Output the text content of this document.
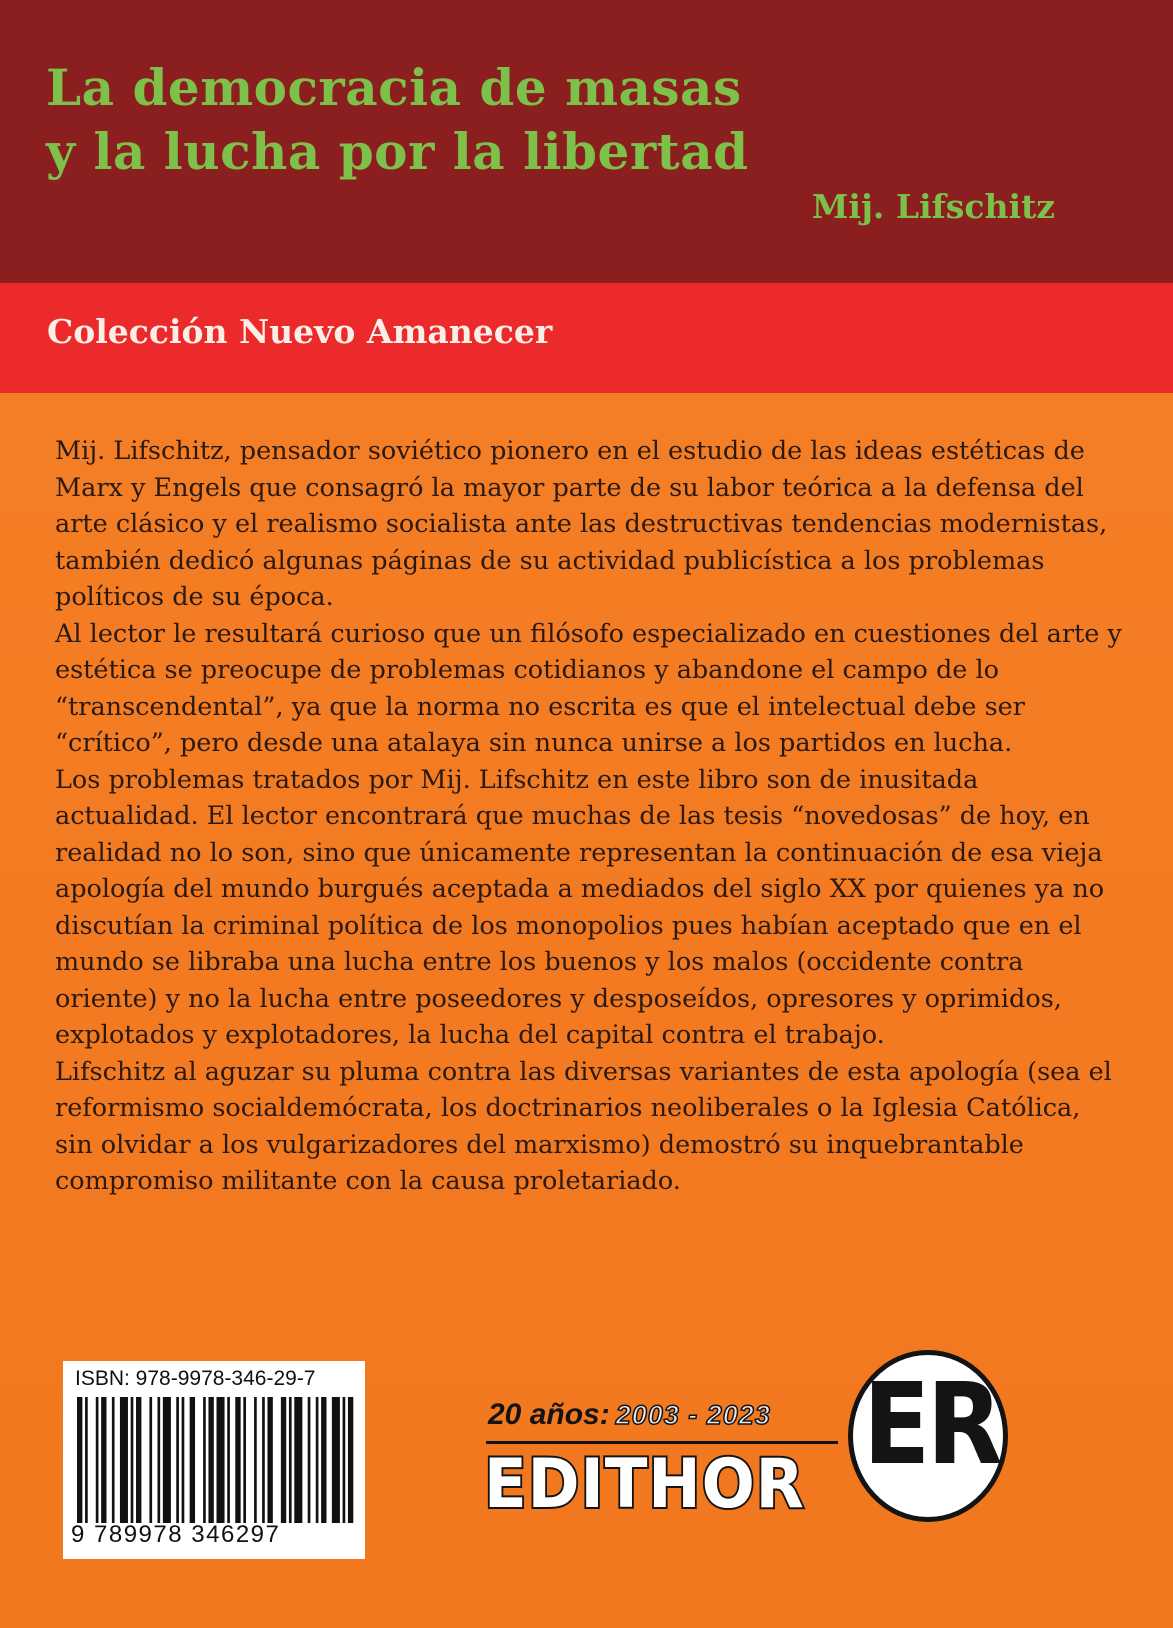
La democracia de masas
y la lucha por la libertad
Mij. Lifschitz
Colección Nuevo Amanecer

Mij. Lifschitz, pensador soviético pionero en el estudio de las ideas estéticas de Marx y Engels que consagró la mayor parte de su labor teórica a la defensa del arte clásico y el realismo socialista ante las destructivas tendencias modernistas, también dedicó algunas páginas de su actividad publicística a los problemas políticos de su época.

Al lector le resultará curioso que un filósofo especializado en cuestiones del arte y estética se preocupe de problemas cotidianos y abandone el campo de lo “transcendental”, ya que la norma no escrita es que el intelectual debe ser “crítico”, pero desde una atalaya sin nunca unirse a los partidos en lucha.

Los problemas tratados por Mij. Lifschitz en este libro son de inusitada actualidad. El lector encontrará que muchas de las tesis “novedosas” de hoy, en realidad no lo son, sino que únicamente representan la continuación de esa vieja apología del mundo burgués aceptada a mediados del siglo XX por quienes ya no discutían la criminal política de los monopolios pues habían aceptado que en el mundo se libraba una lucha entre los buenos y los malos (occidente contra oriente) y no la lucha entre poseedores y desposeídos, opresores y oprimidos, explotados y explotadores, la lucha del capital contra el trabajo.

Lifschitz al aguzar su pluma contra las diversas variantes de esta apología (sea el reformismo socialdemócrata, los doctrinarios neoliberales o la Iglesia Católica, sin olvidar a los vulgarizadores del marxismo) demostró su inquebrantable compromiso militante con la causa proletariado.

ISBN: 978-9978-346-29-7
9 789978 346297
20 años: 2003 - 2023
EDITHOR ER
